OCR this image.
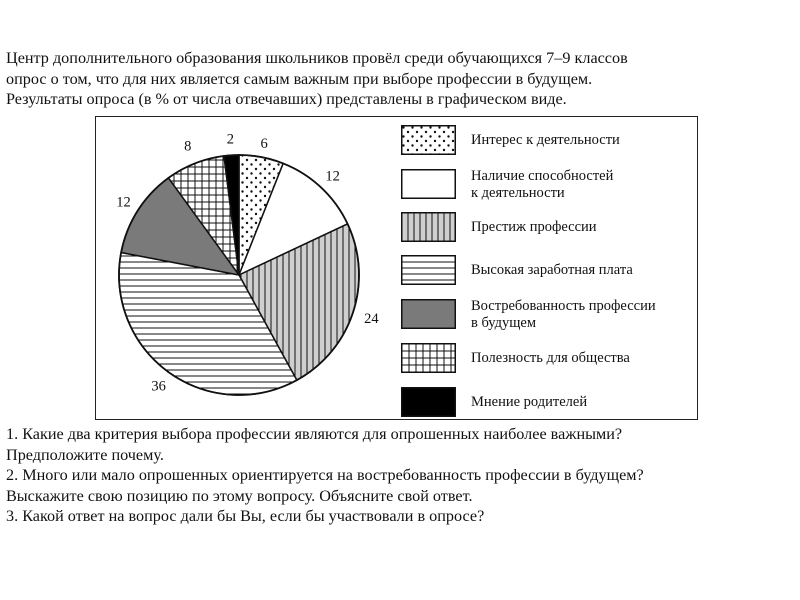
Центр дополнительного образования школьников провёл среди обучающихся 7–9 классов

опрос о том, что для них является самым важным при выборе профессии в будущем.

Результаты опроса (в % от числа отвечавших) представлены в графическом виде.

6
12
24
36
12
8 2	Интерес к деятельности
Наличие способностей
к деятельности
Престиж профессии
Высокая заработная плата
Востребованность профессии
в будущем
Полезность для общества
Мнение родителей

1. Какие два критерия выбора профессии являются для опрошенных наиболее важными?

Предположите почему.

2. Много или мало опрошенных ориентируется на востребованность профессии в будущем?

Выскажите свою позицию по этому вопросу. Объясните свой ответ.

3. Какой ответ на вопрос дали бы Вы, если бы участвовали в опросе?
